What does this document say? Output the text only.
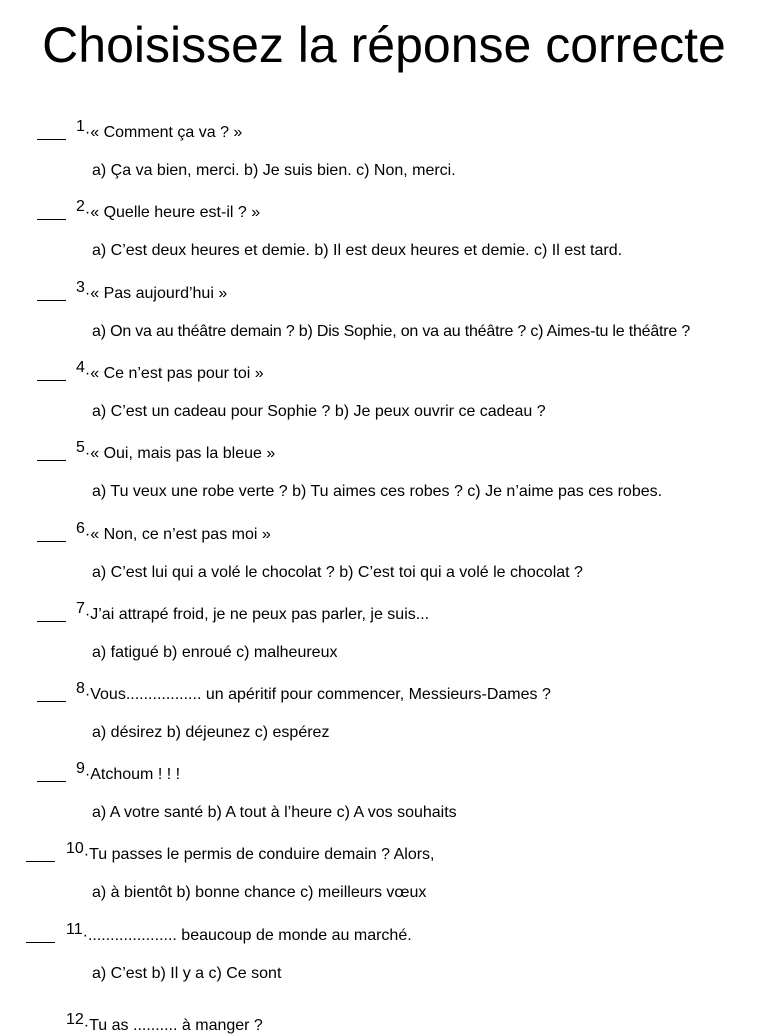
Choisissez la réponse correcte
1·« Comment ça va ? »
a) Ça va bien, merci. b) Je suis bien. c) Non, merci.
2·« Quelle heure est-il ? »
a) C’est deux heures et demie. b) Il est deux heures et demie. c) Il est tard.
3·« Pas aujourd’hui »
a) On va au théâtre demain ? b) Dis Sophie, on va au théâtre ? c) Aimes-tu le théâtre ?
4·« Ce n’est pas pour toi »
a) C’est un cadeau pour Sophie ? b) Je peux ouvrir ce cadeau ?
5·« Oui, mais pas la bleue »
a) Tu veux une robe verte ? b) Tu aimes ces robes ? c) Je n’aime pas ces robes.
6·« Non, ce n’est pas moi »
a) C’est lui qui a volé le chocolat ? b) C’est toi qui a volé le chocolat ?
7·J’ai attrapé froid, je ne peux pas parler, je suis...
a) fatigué b) enroué c) malheureux
8·Vous................. un apéritif pour commencer, Messieurs-Dames ?
a) désirez b) déjeunez c) espérez
9·Atchoum ! ! !
a) A votre santé b) A tout à l’heure c) A vos souhaits
10·Tu passes le permis de conduire demain ? Alors,
a) à bientôt b) bonne chance c) meilleurs vœux
11·.................... beaucoup de monde au marché.
a) C’est b) Il y a c) Ce sont
12·Tu as .......... à manger ?
